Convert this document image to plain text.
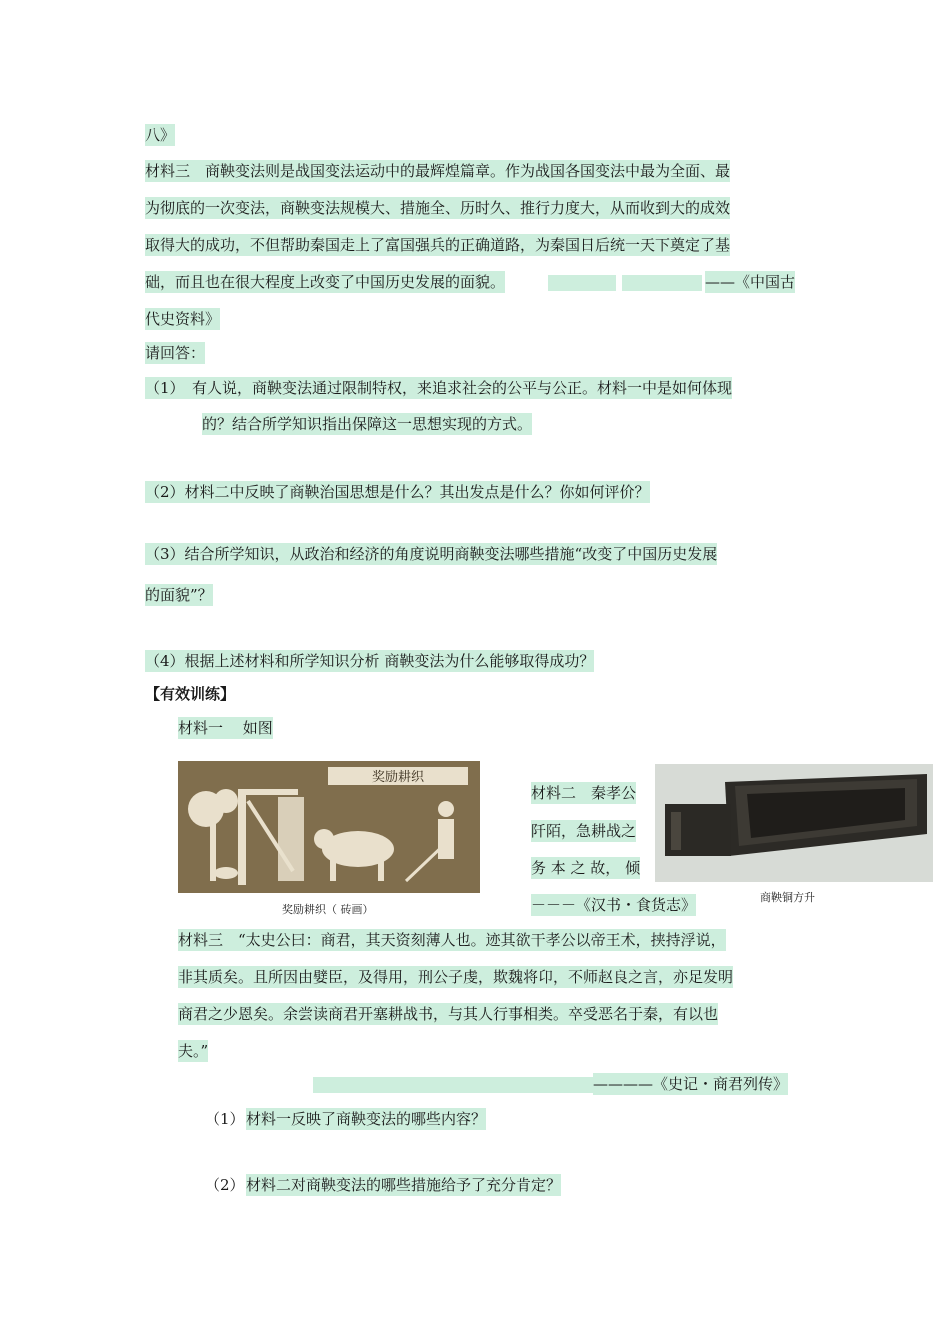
八》
材料三　商鞅变法则是战国变法运动中的最辉煌篇章。作为战国各国变法中最为全面、最
为彻底的一次变法，商鞅变法规模大、措施全、历时久、推行力度大，从而收到大的成效
取得大的成功，不但帮助秦国走上了富国强兵的正确道路，为秦国日后统一天下奠定了基
础，而且也在很大程度上改变了中国历史发展的面貌。	——《中国古
代史资料》
请回答：
（1）　有人说，商鞅变法通过限制特权，来追求社会的公平与公正。材料一中是如何体现
的？结合所学知识指出保障这一思想实现的方式。
（2）材料二中反映了商鞅治国思想是什么？其出发点是什么？你如何评价？
（3）结合所学知识，从政治和经济的角度说明商鞅变法哪些措施“改变了中国历史发展
的面貌”？
（4）根据上述材料和所学知识分析 商鞅变法为什么能够取得成功？
【有效训练】
材料一　 如图
奖励耕织
奖励耕织（ 砖画）
材料二　秦孝公
阡陌，急耕战之
务 本 之 故， 倾
－－－《汉书・食货志》	商鞅铜方升
材料三　“太史公曰：商君，其天资刻薄人也。迹其欲干孝公以帝王术，挟持浮说，
非其质矣。且所因由嬖臣，及得用，刑公子虔，欺魏将卬，不师赵良之言，亦足发明
商君之少恩矣。余尝读商君开塞耕战书，与其人行事相类。卒受恶名于秦，有以也
夫。”
————《史记・商君列传》
（1） 材料一反映了商鞅变法的哪些内容？
（2） 材料二对商鞅变法的哪些措施给予了充分肯定？
